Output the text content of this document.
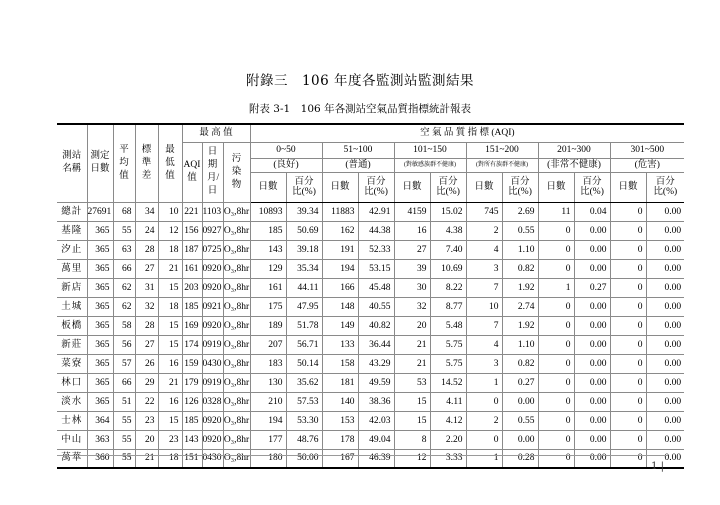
附錄三　106 年度各監測站監測結果
附表 3-1　106 年各測站空氣品質指標統計報表
測站名稱	測定日數	平均值	標準差	最低值	最 高 值			空 氣 品 質 指 標 (AQI)											
					AQI值	日期月/日	污染物	0~50		51~100		101~150		151~200		201~300		301~500	
								(良好)		(普通)		(對敏感族群不健康)		(對所有族群不健康)		(非常不健康)		(危害)	
								日數	百分比(%)	日數	百分比(%)	日數	百分比(%)	日數	百分比(%)	日數	百分比(%)	日數	百分比(%)
總計	27691	68	34	10	221	1103	O₃,8hr	10893	39.34	11883	42.91	4159	15.02	745	2.69	11	0.04	0	0.00
基隆	365	55	24	12	156	0927	O₃,8hr	185	50.69	162	44.38	16	4.38	2	0.55	0	0.00	0	0.00
汐止	365	63	28	18	187	0725	O₃,8hr	143	39.18	191	52.33	27	7.40	4	1.10	0	0.00	0	0.00
萬里	365	66	27	21	161	0920	O₃,8hr	129	35.34	194	53.15	39	10.69	3	0.82	0	0.00	0	0.00
新店	365	62	31	15	203	0920	O₃,8hr	161	44.11	166	45.48	30	8.22	7	1.92	1	0.27	0	0.00
土城	365	62	32	18	185	0921	O₃,8hr	175	47.95	148	40.55	32	8.77	10	2.74	0	0.00	0	0.00
板橋	365	58	28	15	169	0920	O₃,8hr	189	51.78	149	40.82	20	5.48	7	1.92	0	0.00	0	0.00
新莊	365	56	27	15	174	0919	O₃,8hr	207	56.71	133	36.44	21	5.75	4	1.10	0	0.00	0	0.00
菜寮	365	57	26	16	159	0430	O₃,8hr	183	50.14	158	43.29	21	5.75	3	0.82	0	0.00	0	0.00
林口	365	66	29	21	179	0919	O₃,8hr	130	35.62	181	49.59	53	14.52	1	0.27	0	0.00	0	0.00
淡水	365	51	22	16	126	0328	O₃,8hr	210	57.53	140	38.36	15	4.11	0	0.00	0	0.00	0	0.00
士林	364	55	23	15	185	0920	O₃,8hr	194	53.30	153	42.03	15	4.12	2	0.55	0	0.00	0	0.00
中山	363	55	20	23	143	0920	O₃,8hr	177	48.76	178	49.04	8	2.20	0	0.00	0	0.00	0	0.00
萬華	360	55	21	18	151	0430	O₃,8hr	180	50.00	167	46.39	12	3.33	1	0.28	0	0.00	0	0.00
1 |
